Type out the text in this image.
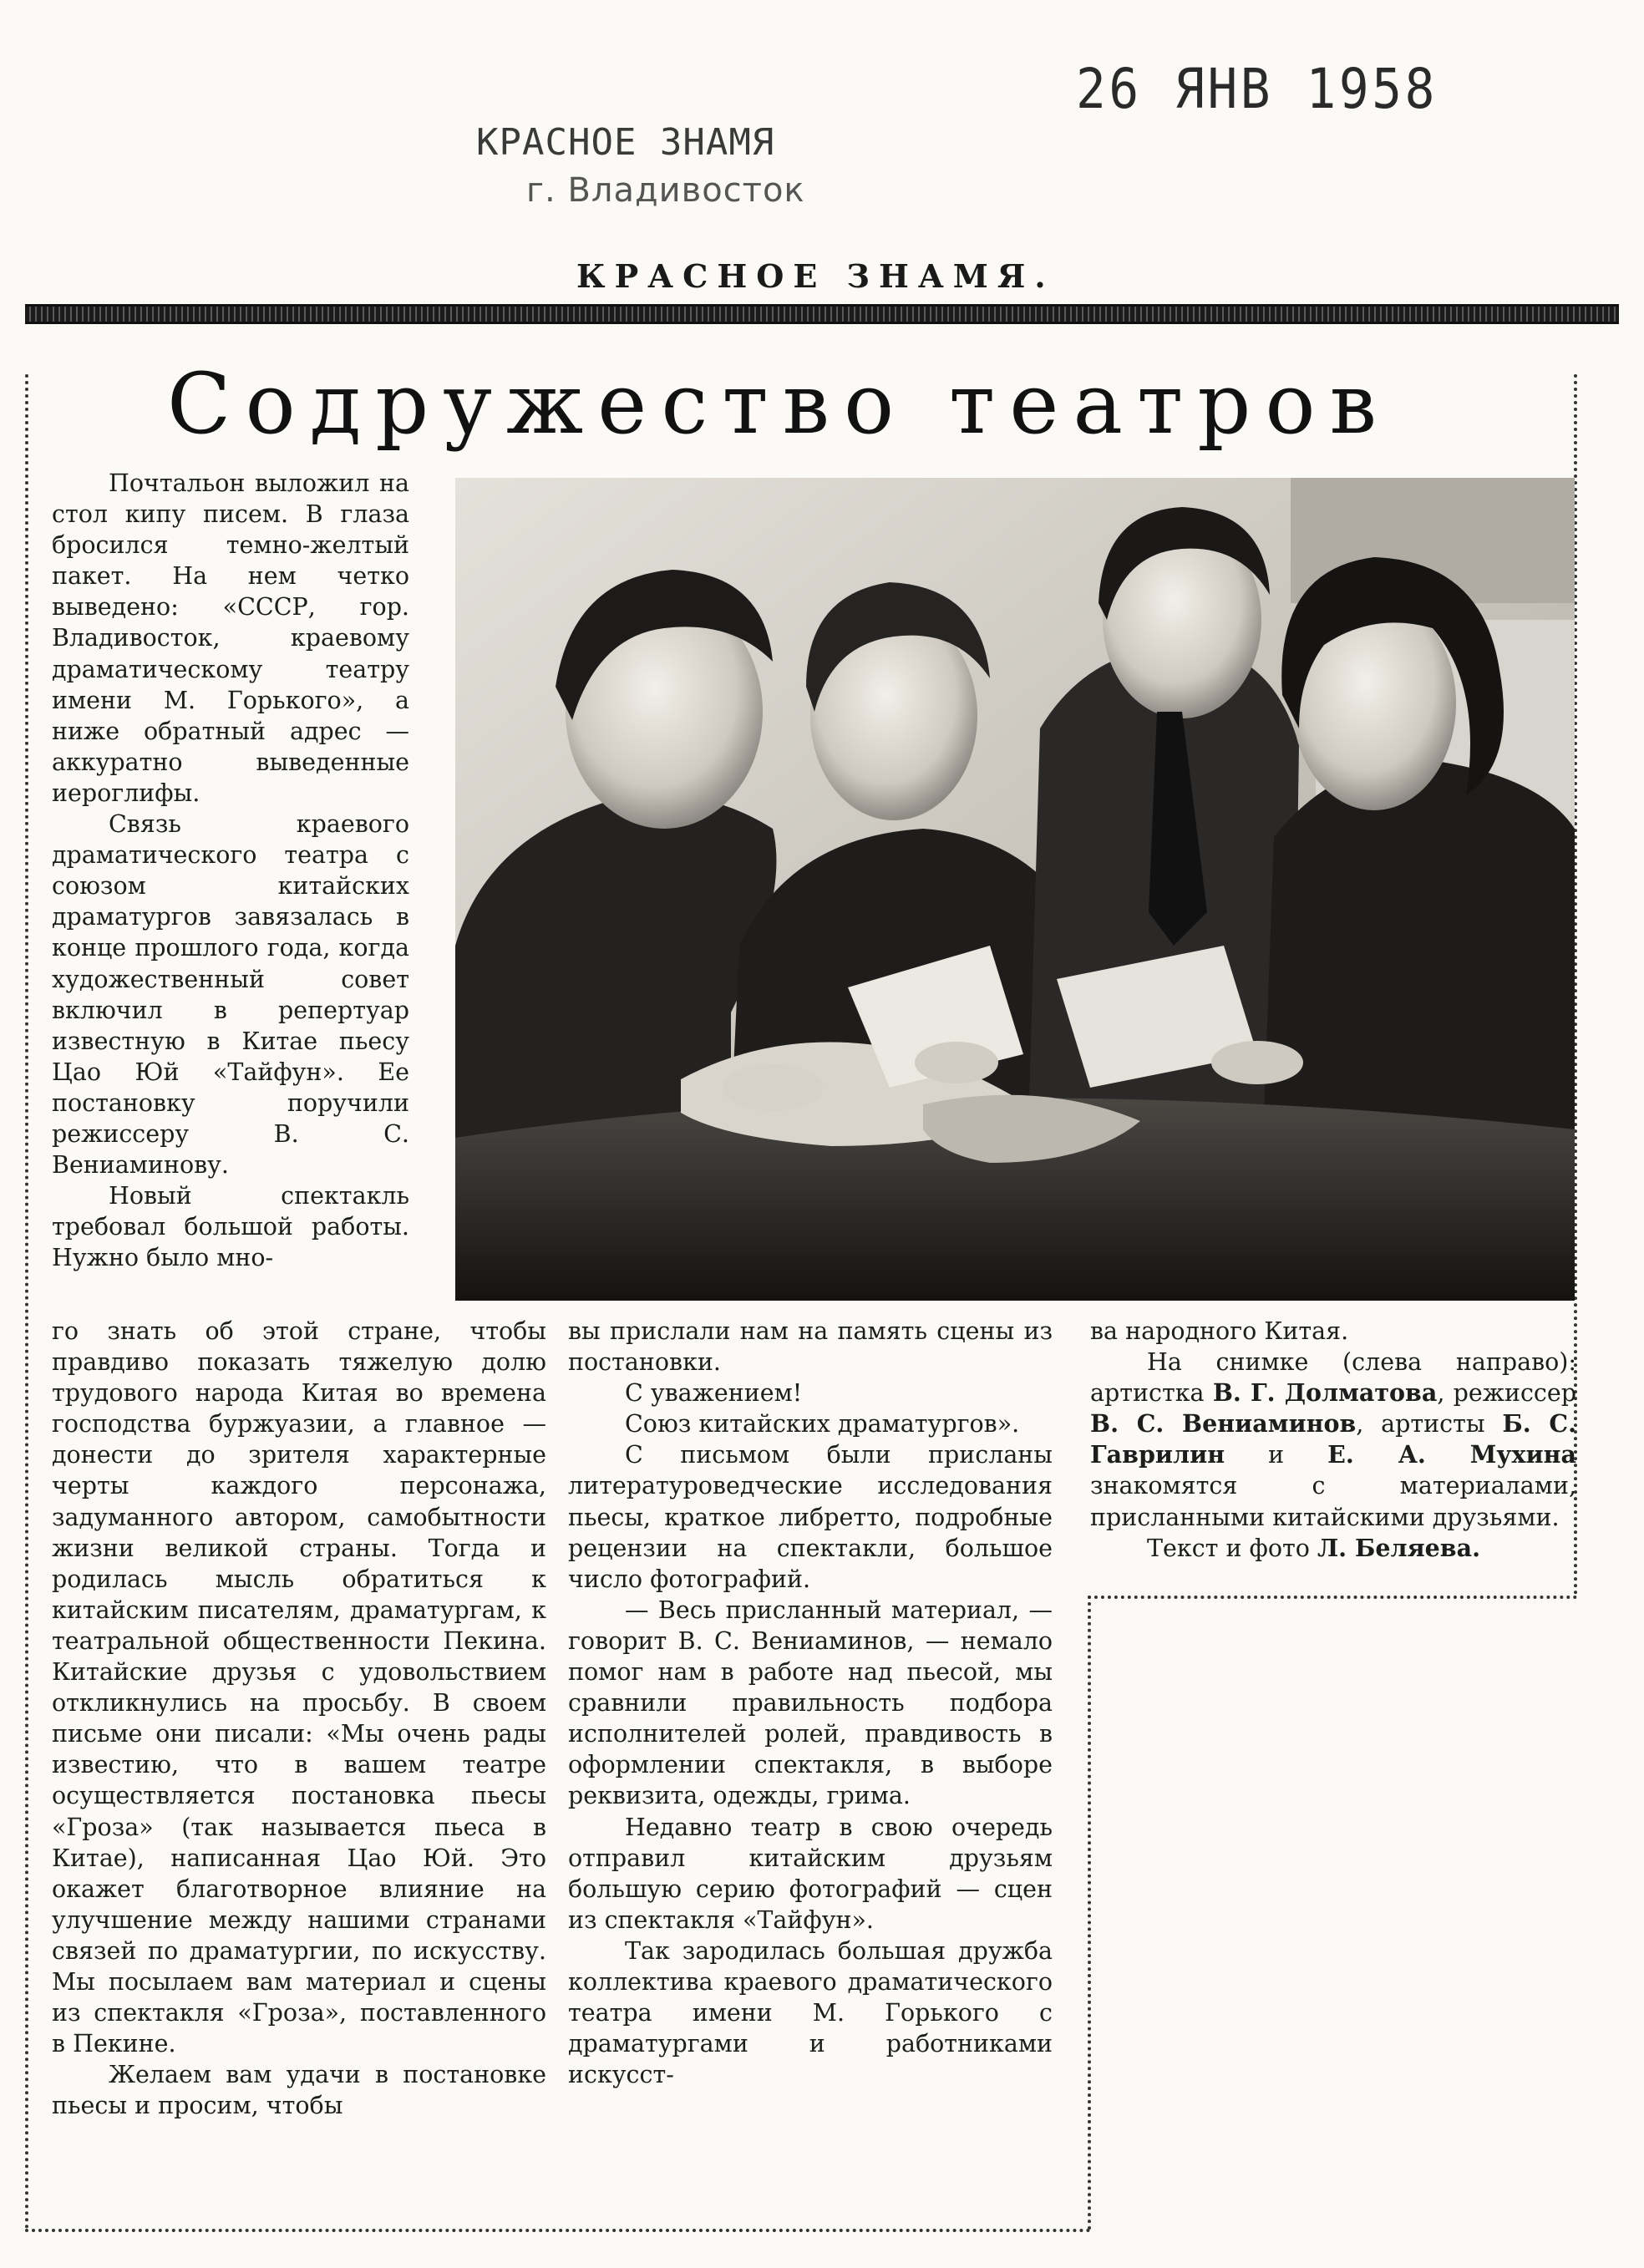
26 ЯНВ 1958
КРАСНОЕ ЗНАМЯ
г. Владивосток
КРАСНОЕ ЗНАМЯ.
Содружество театров

Почтальон выложил на стол кипу писем. В глаза бросился темно-желтый пакет. На нем четко выведено: «СССР, гор. Владивосток, краевому драматическому театру имени М. Горького», а ниже обратный адрес — аккуратно выведенные иероглифы.

Связь краевого драматического театра с союзом китайских драматургов завязалась в конце прошлого года, когда художественный совет включил в репертуар известную в Китае пьесу Цао Юй «Тайфун». Ее постановку поручили режиссеру В. С. Вениаминову.

Новый спектакль требовал большой работы. Нужно было мно-

го знать об этой стране, чтобы правдиво показать тяжелую долю трудового народа Китая во времена господства буржуазии, а главное — донести до зрителя характерные черты каждого персонажа, задуманного автором, самобытности жизни великой страны. Тогда и родилась мысль обратиться к китайским писателям, драматургам, к театральной общественности Пекина. Китайские друзья с удовольствием откликнулись на просьбу. В своем письме они писали: «Мы очень рады известию, что в вашем театре осуществляется постановка пьесы «Гроза» (так называется пьеса в Китае), написанная Цао Юй. Это окажет благотворное влияние на улучшение между нашими странами связей по драматургии, по искусству. Мы посылаем вам материал и сцены из спектакля «Гроза», поставленного в Пекине.

Желаем вам удачи в постановке пьесы и просим, чтобы

вы прислали нам на память сцены из постановки.

С уважением!

Союз китайских драматургов».

С письмом были присланы литературоведческие исследования пьесы, краткое либретто, подробные рецензии на спектакли, большое число фотографий.

— Весь присланный материал, — говорит В. С. Вениаминов, — немало помог нам в работе над пьесой, мы сравнили правильность подбора исполнителей ролей, правдивость в оформлении спектакля, в выборе реквизита, одежды, грима.

Недавно театр в свою очередь отправил китайским друзьям большую серию фотографий — сцен из спектакля «Тайфун».

Так зародилась большая дружба коллектива краевого драматического театра имени М. Горького с драматургами и работниками искусст-

ва народного Китая.

На снимке (слева направо): артистка В. Г. Долматова, режиссер В. С. Вениаминов, артисты Б. С. Гаврилин и Е. А. Мухина знакомятся с материалами, присланными китайскими друзьями.

Текст и фото Л. Беляева.
